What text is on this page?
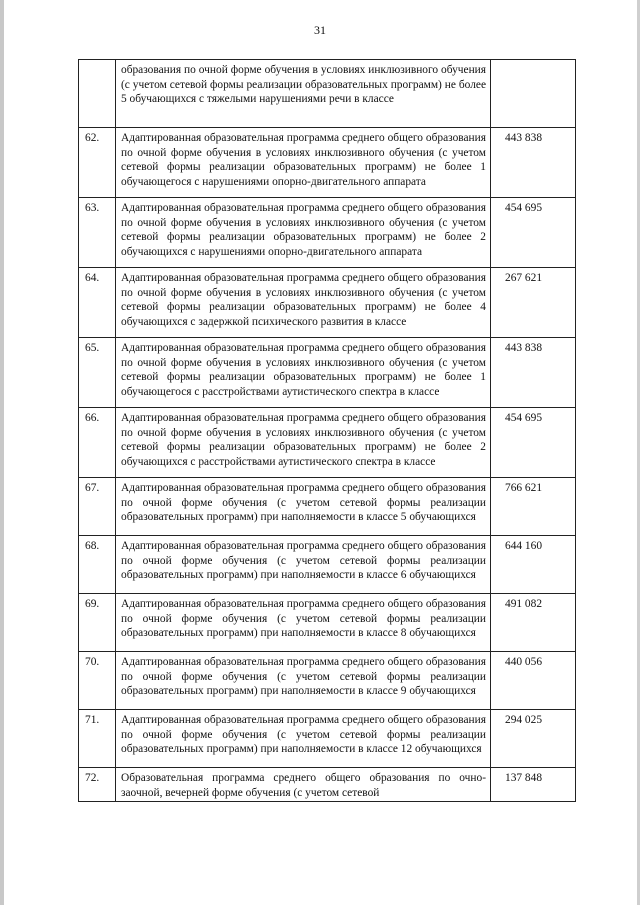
31
	образования по очной форме обучения в условиях инклюзивного обучения (с учетом сетевой формы реализации образовательных программ) не более 5 обучающихся с тяжелыми нарушениями речи в классе	
62.	Адаптированная образовательная программа среднего общего образования по очной форме обучения в условиях инклюзивного обучения (с учетом сетевой формы реализации образовательных программ) не более 1 обучающегося с нарушениями опорно-двигательного аппарата	443 838
63.	Адаптированная образовательная программа среднего общего образования по очной форме обучения в условиях инклюзивного обучения (с учетом сетевой формы реализации образовательных программ) не более 2 обучающихся с нарушениями опорно-двигательного аппарата	454 695
64.	Адаптированная образовательная программа среднего общего образования по очной форме обучения в условиях инклюзивного обучения (с учетом сетевой формы реализации образовательных программ) не более 4 обучающихся с задержкой психического развития в классе	267 621
65.	Адаптированная образовательная программа среднего общего образования по очной форме обучения в условиях инклюзивного обучения (с учетом сетевой формы реализации образовательных программ) не более 1 обучающегося с расстройствами аутистического спектра в классе	443 838
66.	Адаптированная образовательная программа среднего общего образования по очной форме обучения в условиях инклюзивного обучения (с учетом сетевой формы реализации образовательных программ) не более 2 обучающихся с расстройствами аутистического спектра в классе	454 695
67.	Адаптированная образовательная программа среднего общего образования по очной форме обучения (с учетом сетевой формы реализации образовательных программ) при наполняемости в классе 5 обучающихся	766 621
68.	Адаптированная образовательная программа среднего общего образования по очной форме обучения (с учетом сетевой формы реализации образовательных программ) при наполняемости в классе 6 обучающихся	644 160
69.	Адаптированная образовательная программа среднего общего образования по очной форме обучения (с учетом сетевой формы реализации образовательных программ) при наполняемости в классе 8 обучающихся	491 082
70.	Адаптированная образовательная программа среднего общего образования по очной форме обучения (с учетом сетевой формы реализации образовательных программ) при наполняемости в классе 9 обучающихся	440 056
71.	Адаптированная образовательная программа среднего общего образования по очной форме обучения (с учетом сетевой формы реализации образовательных программ) при наполняемости в классе 12 обучающихся	294 025
72.	Образовательная программа среднего общего образования по очно-заочной, вечерней форме обучения (с учетом сетевой	137 848
